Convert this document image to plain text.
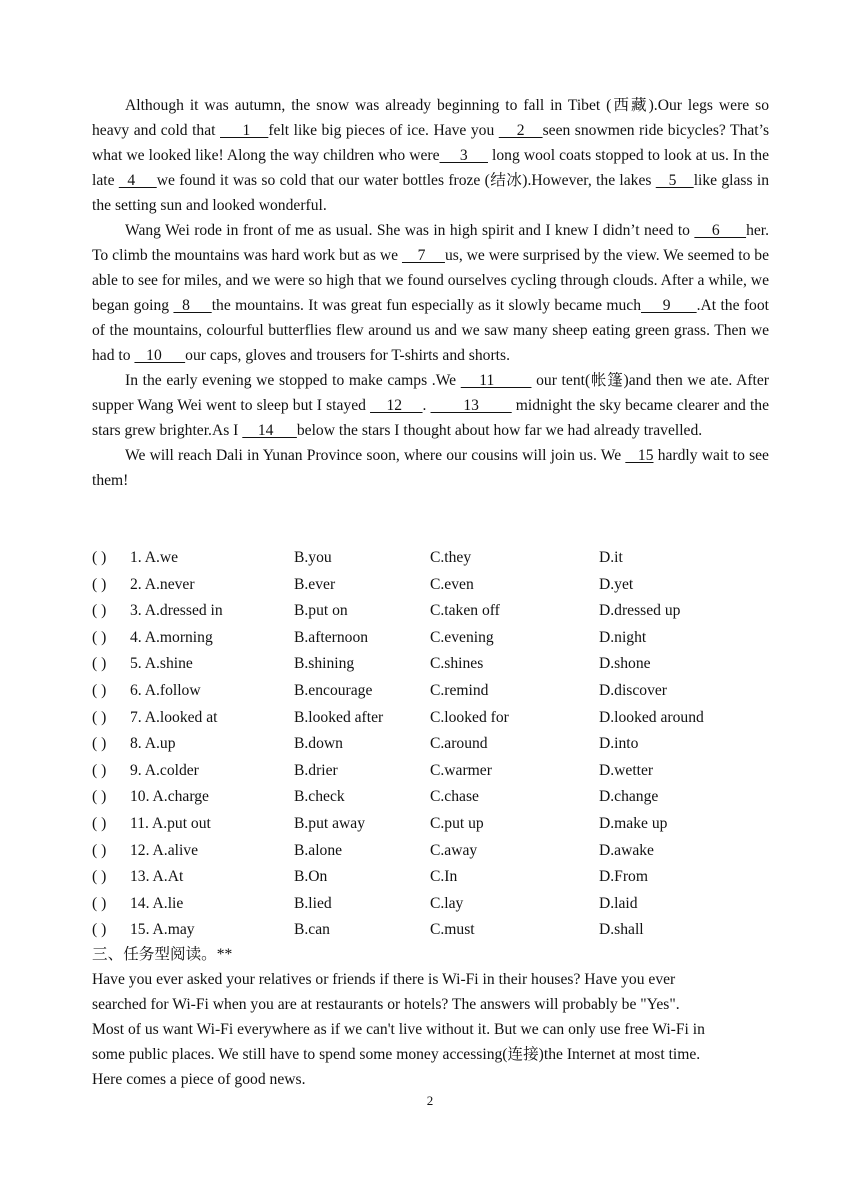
Although it was autumn, the snow was already beginning to fall in Tibet (西藏).Our legs were so heavy and cold that      1    felt like big pieces of ice. Have you     2    seen snowmen ride bicycles? That’s what we looked like! Along the way children who were     3      long wool coats stopped to look at us. In the late   4     we found it was so cold that our water bottles froze (结冰).However, the lakes    5    like glass in the setting sun and looked wonderful.

Wang Wei rode in front of me as usual. She was in high spirit and I knew I didn’t need to     6      her. To climb the mountains was hard work but as we     7     us, we were surprised by the view. We seemed to be able to see for miles, and we were so high that we found ourselves cycling through clouds. After a while, we began going   8     the mountains. It was great fun especially as it slowly became much     9      .At the foot of the mountains, colourful butterflies flew around us and we saw many sheep eating green grass. Then we had to    10      our caps, gloves and trousers for T-shirts and shorts.

In the early evening we stopped to make camps .We     11         our tent(帐篷)and then we ate. After supper Wang Wei went to sleep but I stayed     12     .         13         midnight the sky became clearer and the stars grew brighter.As I     14      below the stars I thought about how far we had already travelled.

We will reach Dali in Yunan Province soon, where our cousins will join us. We    15 hardly wait to see them!

( ) 1. A.we	B.you	C.they	D.it
( ) 2. A.never	B.ever	C.even	D.yet
( ) 3. A.dressed in	B.put on	C.taken off	D.dressed up
( ) 4. A.morning	B.afternoon	C.evening	D.night
( ) 5. A.shine	B.shining	C.shines	D.shone
( ) 6. A.follow	B.encourage	C.remind	D.discover
( ) 7. A.looked at	B.looked after	C.looked for	D.looked around
( ) 8. A.up	B.down	C.around	D.into
( ) 9. A.colder	B.drier	C.warmer	D.wetter
( ) 10. A.charge	B.check	C.chase	D.change
( ) 11. A.put out	B.put away	C.put up	D.make up
( ) 12. A.alive	B.alone	C.away	D.awake
( ) 13. A.At	B.On	C.In	D.From
( ) 14. A.lie	B.lied	C.lay	D.laid
( ) 15. A.may	B.can	C.must	D.shall
三、任务型阅读。**

Have you ever asked your relatives or friends if there is Wi-Fi in their houses? Have you ever

searched for Wi-Fi when you are at restaurants or hotels? The answers will probably be "Yes".

Most of us want Wi-Fi everywhere as if we can't live without it. But we can only use free Wi-Fi in

some public places. We still have to spend some money accessing(连接)the Internet at most time.

Here comes a piece of good news.

2
